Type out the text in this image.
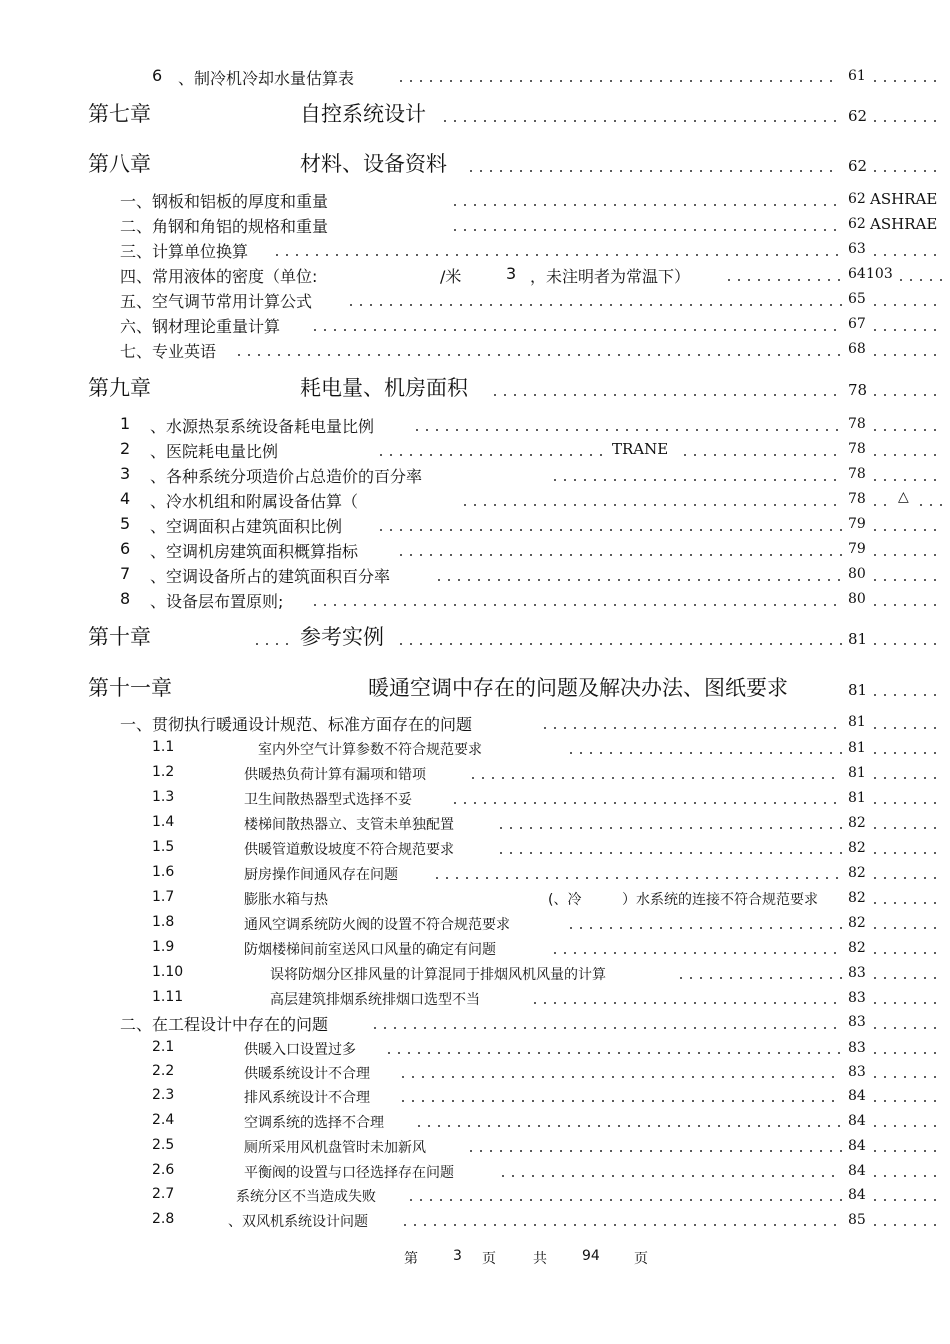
6 、制冷机冷却水量估算表	61
第七章	自控系统设计	62
第八章	材料、设备资料	62
一、钢板和铝板的厚度和重量	62 ASHRAE
二、角钢和角铝的规格和重量	62 ASHRAE
三、计算单位换算	63
四、常用液体的密度（单位:	/米	3 ，未注明者为常温下）	64 103
五、空气调节常用计算公式	65
六、钢材理论重量计算	67
七、专业英语	68
第九章	耗电量、机房面积	78
1 、水源热泵系统设备耗电量比例	78
2 、医院耗电量比例	TRANE	78
3 、各种系统分项造价占总造价的百分率	78
4 、冷水机组和附属设备估算（	78 △
5 、空调面积占建筑面积比例	79
6 、空调机房建筑面积概算指标	79
7 、空调设备所占的建筑面积百分率	80
8 、设备层布置原则;	80
第十章	参考实例	81
第十一章	暖通空调中存在的问题及解决办法、图纸要求	81
一、贯彻执行暖通设计规范、标准方面存在的问题	81
1.1	室内外空气计算参数不符合规范要求	81
1.2	供暖热负荷计算有漏项和错项	81
1.3	卫生间散热器型式选择不妥	81
1.4	楼梯间散热器立、支管未单独配置	82
1.5	供暖管道敷设坡度不符合规范要求	82
1.6	厨房操作间通风存在问题	82
1.7	膨胀水箱与热	(、冷	）水系统的连接不符合规范要求 82
1.8	通风空调系统防火阀的设置不符合规范要求	82
1.9	防烟楼梯间前室送风口风量的确定有问题	82
1.10	误将防烟分区排风量的计算混同于排烟风机风量的计算	83
1.11	高层建筑排烟系统排烟口选型不当	83
二、在工程设计中存在的问题	83
2.1	供暖入口设置过多	83
2.2	供暖系统设计不合理	83
2.3	排风系统设计不合理	84
2.4	空调系统的选择不合理	84
2.5	厕所采用风机盘管时未加新风	84
2.6	平衡阀的设置与口径选择存在问题	84
2.7	系统分区不当造成失败	84
2.8	、双风机系统设计问题	85
第	3 页	共	94 页
